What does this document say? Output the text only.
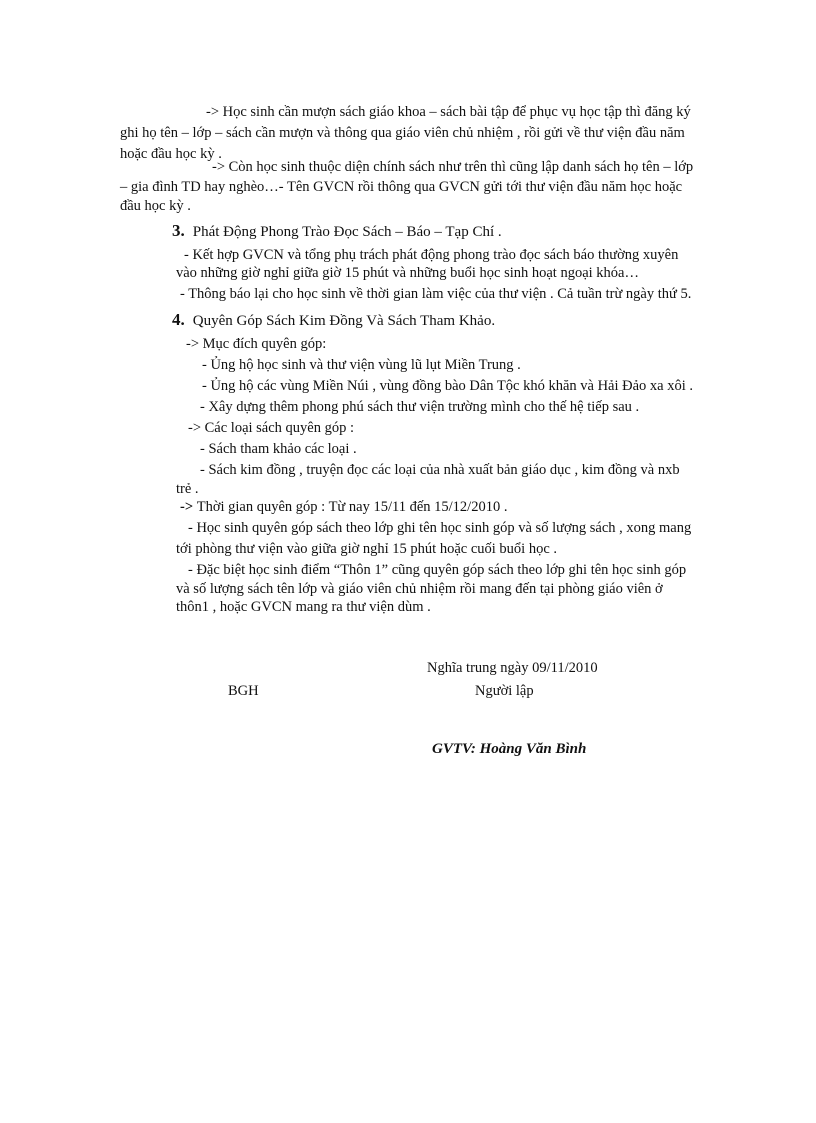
-> Học sinh cần mượn sách giáo khoa – sách bài tập để phục vụ học tập thì đăng ký
ghi họ tên – lớp – sách cần mượn và thông qua giáo viên chủ nhiệm , rồi gửi về thư viện đầu năm
hoặc đầu học kỳ .
-> Còn học sinh thuộc diện chính sách như trên thì cũng lập danh sách họ tên – lớp
– gia đình TD hay nghèo…- Tên GVCN rồi thông qua GVCN gửi tới thư viện đầu năm học hoặc
đầu học kỳ .
3. Phát Động Phong Trào Đọc Sách – Báo – Tạp Chí .
- Kết hợp GVCN và tổng phụ trách phát động phong trào đọc sách báo thường xuyên
vào những giờ nghỉ giữa giờ 15 phút và những buổi học sinh hoạt ngoại khóa…
- Thông báo lại cho học sinh về thời gian làm việc của thư viện . Cả tuần trừ ngày thứ 5.
4. Quyên Góp Sách Kim Đồng Và Sách Tham Khảo.
-> Mục đích quyên góp:
- Ủng hộ học sinh và thư viện vùng lũ lụt Miền Trung .
- Ủng hộ các vùng Miền Núi , vùng đồng bào Dân Tộc khó khăn và Hải Đảo xa xôi .
- Xây dựng thêm phong phú sách thư viện trường mình cho thế hệ tiếp sau .
-> Các loại sách quyên góp :
- Sách tham khảo các loại .
- Sách kim đồng , truyện đọc các loại của nhà xuất bản giáo dục , kim đồng và nxb
trẻ .
-> Thời gian quyên góp : Từ nay 15/11 đến 15/12/2010 .
- Học sinh quyên góp sách theo lớp ghi tên học sinh góp và số lượng sách , xong mang
tới phòng thư viện vào giữa giờ nghỉ 15 phút hoặc cuối buổi học .
- Đặc biệt học sinh điểm “Thôn 1” cũng quyên góp sách theo lớp ghi tên học sinh góp
và số lượng sách tên lớp và giáo viên chủ nhiệm rồi mang đến tại phòng giáo viên ở
thôn1 , hoặc GVCN mang ra thư viện dùm .
Nghĩa trung ngày 09/11/2010
BGH	Người lập
GVTV: Hoàng Văn Bình
